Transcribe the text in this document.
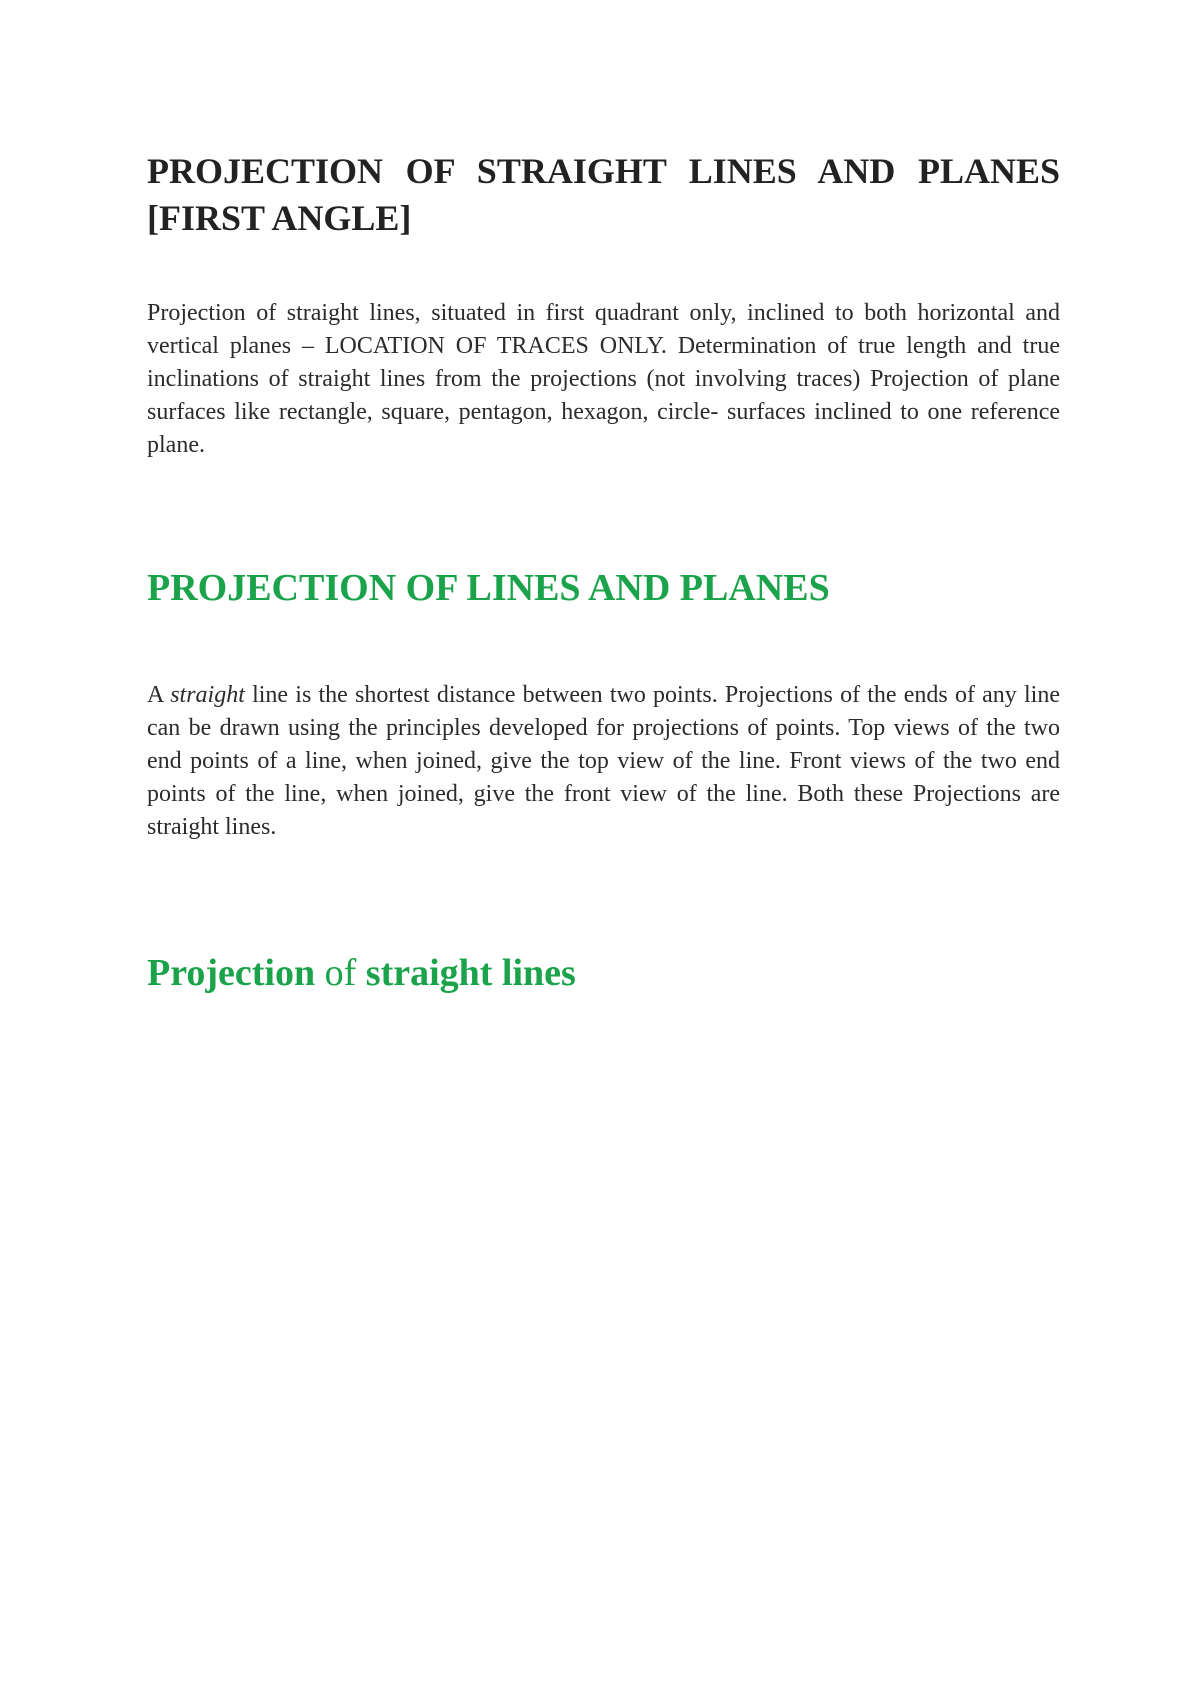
PROJECTION OF STRAIGHT LINES AND PLANES [FIRST ANGLE]

Projection of straight lines, situated in first quadrant only, inclined to both horizontal and vertical planes – LOCATION OF TRACES ONLY. Determination of true length and true inclinations of straight lines from the projections (not involving traces) Projection of plane surfaces like rectangle, square, pentagon, hexagon, circle- surfaces inclined to one reference plane.

PROJECTION OF LINES AND PLANES

A straight line is the shortest distance between two points. Projections of the ends of any line can be drawn using the principles developed for projections of points. Top views of the two end points of a line, when joined, give the top view of the line. Front views of the two end points of the line, when joined, give the front view of the line. Both these Projections are straight lines.

Projection of straight lines
